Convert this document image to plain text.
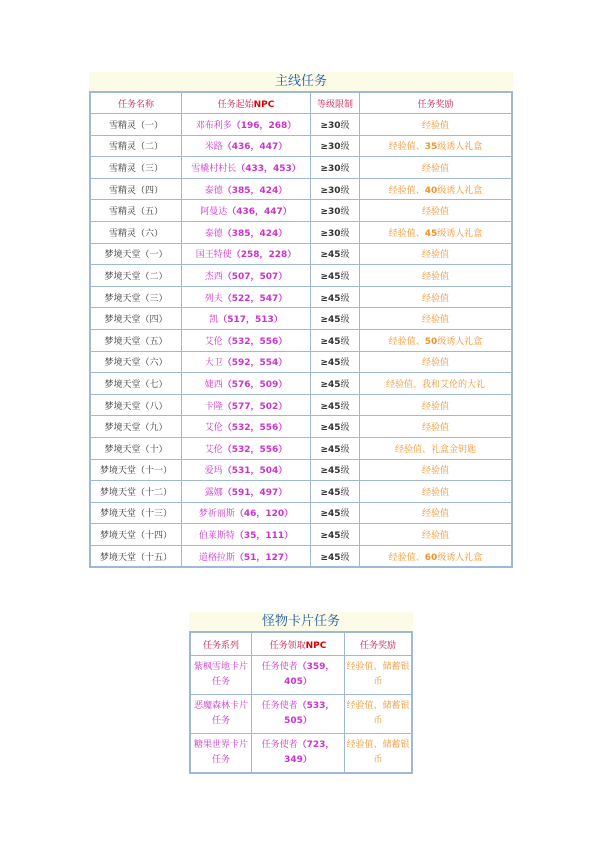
主线任务
任务名称	任务起始NPC	等级限制	任务奖励
雪精灵（一）	邓布利多（196，268）	≥30级	经验值
雪精灵（二）	米路（436，447）	≥30级	经验值、35级诱人礼盒
雪精灵（三）	雪橇村村长（433，453）	≥30级	经验值
雪精灵（四）	泰德（385，424）	≥30级	经验值、40级诱人礼盒
雪精灵（五）	阿曼达（436，447）	≥30级	经验值
雪精灵（六）	泰德（385，424）	≥30级	经验值、45级诱人礼盒
梦境天堂（一）	国王特使（258，228）	≥45级	经验值
梦境天堂（二）	杰西（507，507）	≥45级	经验值
梦境天堂（三）	列夫（522，547）	≥45级	经验值
梦境天堂（四）	凯（517，513）	≥45级	经验值
梦境天堂（五）	艾伦（532，556）	≥45级	经验值、50级诱人礼盒
梦境天堂（六）	大卫（592，554）	≥45级	经验值
梦境天堂（七）	婕西（576，509）	≥45级	经验值、我和艾伦的大礼
梦境天堂（八）	卡隆（577，502）	≥45级	经验值
梦境天堂（九）	艾伦（532，556）	≥45级	经验值
梦境天堂（十）	艾伦（532，556）	≥45级	经验值、礼盒金钥匙
梦境天堂（十一）	爱玛（531，504）	≥45级	经验值
梦境天堂（十二）	露娜（591，497）	≥45级	经验值
梦境天堂（十三）	梦祈丽斯（46，120）	≥45级	经验值
梦境天堂（十四）	伯莱斯特（35，111）	≥45级	经验值
梦境天堂（十五）	道格拉斯（51，127）	≥45级	经验值、60级诱人礼盒
怪物卡片任务
任务系列	任务领取NPC	任务奖励
紫枫雪地卡片任务	任务使者（359，405）	经验值、储蓄银币
恶魔森林卡片任务	任务使者（533，505）	经验值、储蓄银币
糖果世界卡片任务	任务使者（723，349）	经验值、储蓄银币
